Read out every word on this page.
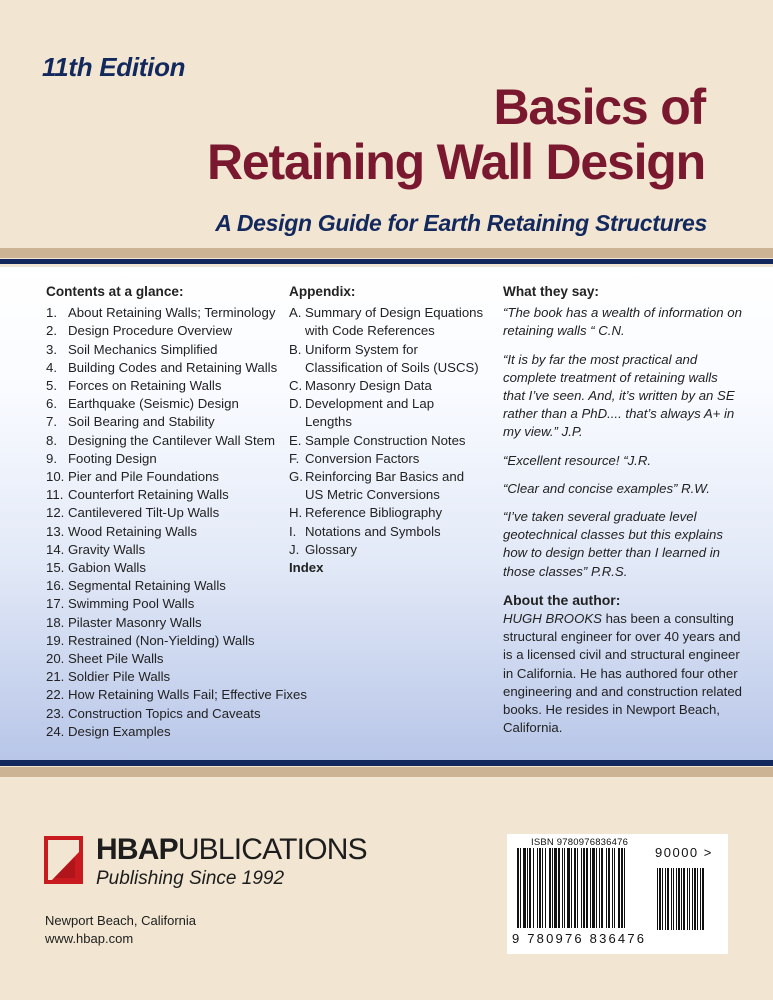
11th Edition
Basics of
Retaining Wall Design
A Design Guide for Earth Retaining Structures
Contents at a glance:
1. About Retaining Walls; Terminology
2. Design Procedure Overview
3. Soil Mechanics Simplified
4. Building Codes and Retaining Walls
5. Forces on Retaining Walls
6. Earthquake (Seismic) Design
7. Soil Bearing and Stability
8. Designing the Cantilever Wall Stem
9. Footing Design
10. Pier and Pile Foundations
11. Counterfort Retaining Walls
12. Cantilevered Tilt-Up Walls
13. Wood Retaining Walls
14. Gravity Walls
15. Gabion Walls
16. Segmental Retaining Walls
17. Swimming Pool Walls
18. Pilaster Masonry Walls
19. Restrained (Non-Yielding) Walls
20. Sheet Pile Walls
21. Soldier Pile Walls
22. How Retaining Walls Fail; Effective Fixes
23. Construction Topics and Caveats
24. Design Examples
Appendix:
A. Summary of Design Equations with Code References
B. Uniform System for Classification of Soils (USCS)
C. Masonry Design Data
D. Development and Lap Lengths
E. Sample Construction Notes
F. Conversion Factors
G. Reinforcing Bar Basics and US Metric Conversions
H. Reference Bibliography
I. Notations and Symbols
J. Glossary
Index
What they say:
“The book has a wealth of information on retaining walls “ C.N.
“It is by far the most practical and complete treatment of retaining walls that I’ve seen. And, it’s written by an SE rather than a PhD.... that’s always A+ in my view.” J.P.
“Excellent resource! “J.R.
“Clear and concise examples” R.W.
“I’ve taken several graduate level geotechnical classes but this explains how to design better than I learned in those classes” P.R.S.
About the author:
HUGH BROOKS has been a consulting structural engineer for over 40 years and is a licensed civil and structural engineer in California. He has authored four other engineering and and construction related books. He resides in Newport Beach, California.
HBAPUBLICATIONS
Publishing Since 1992
Newport Beach, California
www.hbap.com
ISBN 9780976836476
90000 >
9 780976 836476
